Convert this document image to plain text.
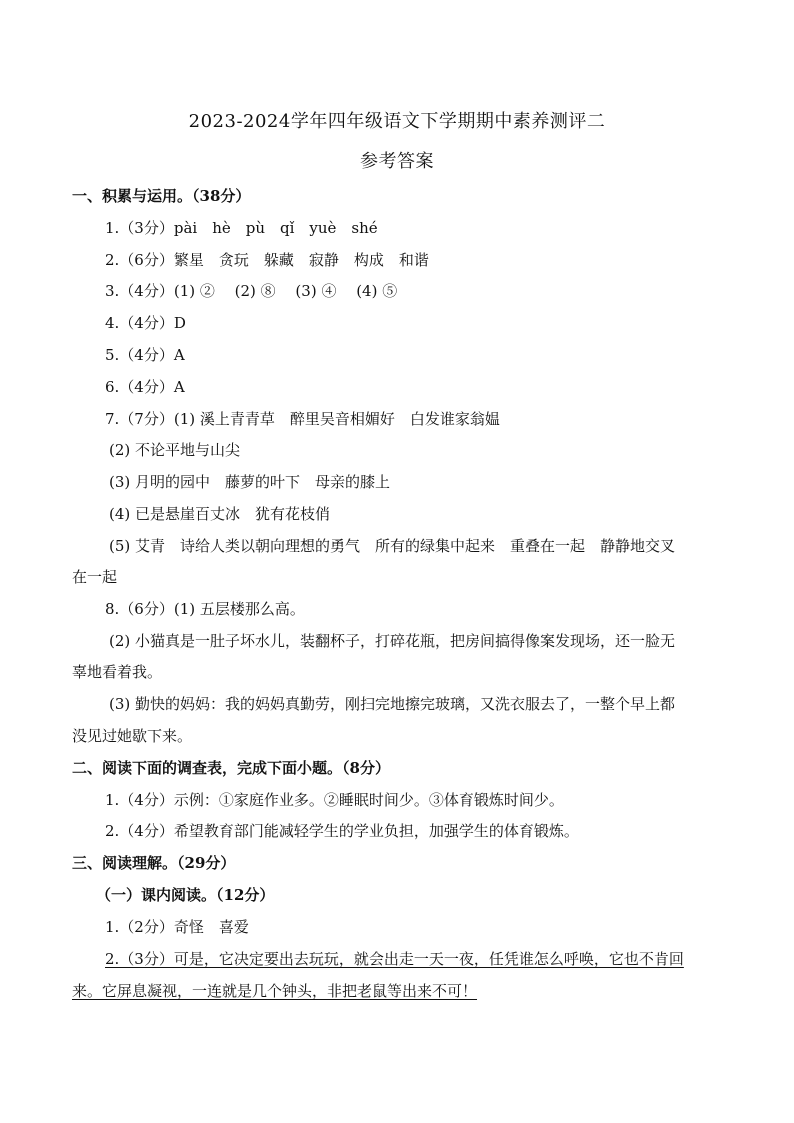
2023-2024学年四年级语文下学期期中素养测评二
参考答案
一、积累与运用。（38分）
1.（3分）pài　hè　pù　qǐ　yuè　shé
2.（6分）繁星　贪玩　躲藏　寂静　构成　和谐
3.（4分）(1) ②　 (2) ⑧　 (3) ④　 (4) ⑤
4.（4分）D
5.（4分）A
6.（4分）A
7.（7分）(1) 溪上青青草　醉里吴音相媚好　白发谁家翁媪
(2) 不论平地与山尖
(3) 月明的园中　藤萝的叶下　母亲的膝上
(4) 已是悬崖百丈冰　犹有花枝俏
(5) 艾青　诗给人类以朝向理想的勇气　所有的绿集中起来　重叠在一起　静静地交叉
在一起
8.（6分）(1) 五层楼那么高。
(2) 小猫真是一肚子坏水儿，装翻杯子，打碎花瓶，把房间搞得像案发现场，还一脸无
辜地看着我。
(3) 勤快的妈妈：我的妈妈真勤劳，刚扫完地擦完玻璃，又洗衣服去了，一整个早上都
没见过她歇下来。
二、阅读下面的调查表，完成下面小题。（8分）
1.（4分）示例：①家庭作业多。②睡眠时间少。③体育锻炼时间少。
2.（4分）希望教育部门能减轻学生的学业负担，加强学生的体育锻炼。
三、阅读理解。（29分）
（一）课内阅读。（12分）
1.（2分）奇怪　喜爱
2.（3分）可是，它决定要出去玩玩，就会出走一天一夜，任凭谁怎么呼唤，它也不肯回
来。它屏息凝视，一连就是几个钟头，非把老鼠等出来不可！
